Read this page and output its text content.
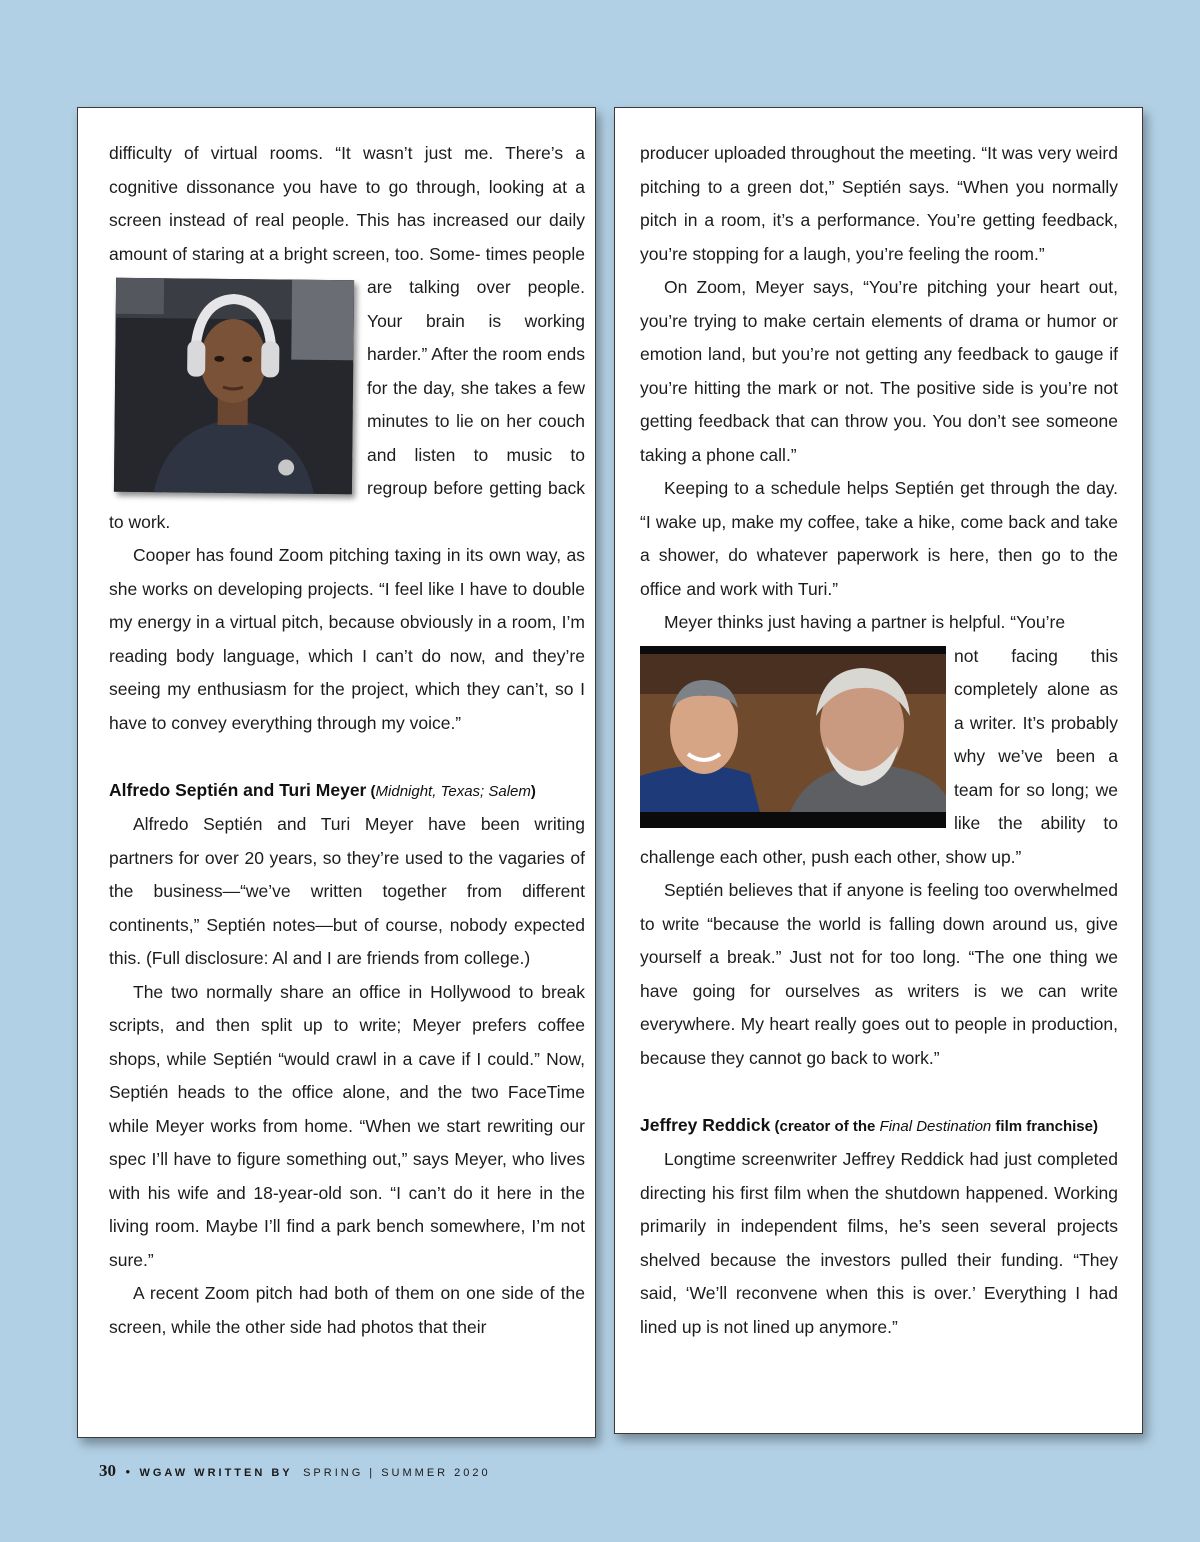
difficulty of virtual rooms. “It wasn’t just me. There’s a cognitive dissonance you have to go through, looking at a screen instead of real people. This has increased our daily amount of staring at a bright screen, too. Some- times people are talking over people. Your brain is working harder.” After the room ends for the day, she takes a few minutes to lie on her couch and listen to music to regroup before getting back to work.

Cooper has found Zoom pitching taxing in its own way, as she works on developing projects. “I feel like I have to double my energy in a virtual pitch, because obviously in a room, I’m reading body language, which I can’t do now, and they’re seeing my enthusiasm for the project, which they can’t, so I have to convey everything through my voice.”

Alfredo Septién and Turi Meyer (Midnight, Texas; Salem)

Alfredo Septién and Turi Meyer have been writing partners for over 20 years, so they’re used to the vagaries of the business—“we’ve written together from different continents,” Septién notes—but of course, nobody expected this. (Full disclosure: Al and I are friends from college.)

The two normally share an office in Hollywood to break scripts, and then split up to write; Meyer prefers coffee shops, while Septién “would crawl in a cave if I could.” Now, Septién heads to the office alone, and the two FaceTime while Meyer works from home. “When we start rewriting our spec I’ll have to figure something out,” says Meyer, who lives with his wife and 18-year-old son. “I can’t do it here in the living room. Maybe I’ll find a park bench somewhere, I’m not sure.”

A recent Zoom pitch had both of them on one side of the screen, while the other side had photos that their

producer uploaded throughout the meeting. “It was very weird pitching to a green dot,” Septién says. “When you normally pitch in a room, it’s a performance. You’re getting feedback, you’re stopping for a laugh, you’re feeling the room.”

On Zoom, Meyer says, “You’re pitching your heart out, you’re trying to make certain elements of drama or humor or emotion land, but you’re not getting any feedback to gauge if you’re hitting the mark or not. The positive side is you’re not getting feedback that can throw you. You don’t see someone taking a phone call.”

Keeping to a schedule helps Septién get through the day. “I wake up, make my coffee, take a hike, come back and take a shower, do whatever paperwork is here, then go to the office and work with Turi.”

Meyer thinks just having a partner is helpful. “You’re

not facing this completely alone as a writer. It’s probably why we’ve been a team for so long; we like the ability to challenge each other, push each other, show up.”

Septién believes that if anyone is feeling too overwhelmed to write “because the world is falling down around us, give yourself a break.” Just not for too long. “The one thing we have going for ourselves as writers is we can write everywhere. My heart really goes out to people in production, because they cannot go back to work.”

Jeffrey Reddick (creator of the Final Destination film franchise)

Longtime screenwriter Jeffrey Reddick had just completed directing his first film when the shutdown happened. Working primarily in independent films, he’s seen several projects shelved because the investors pulled their funding. “They said, ‘We’ll reconvene when this is over.’ Everything I had lined up is not lined up anymore.”

30 • WGAW WRITTEN BY SPRING | SUMMER 2020
